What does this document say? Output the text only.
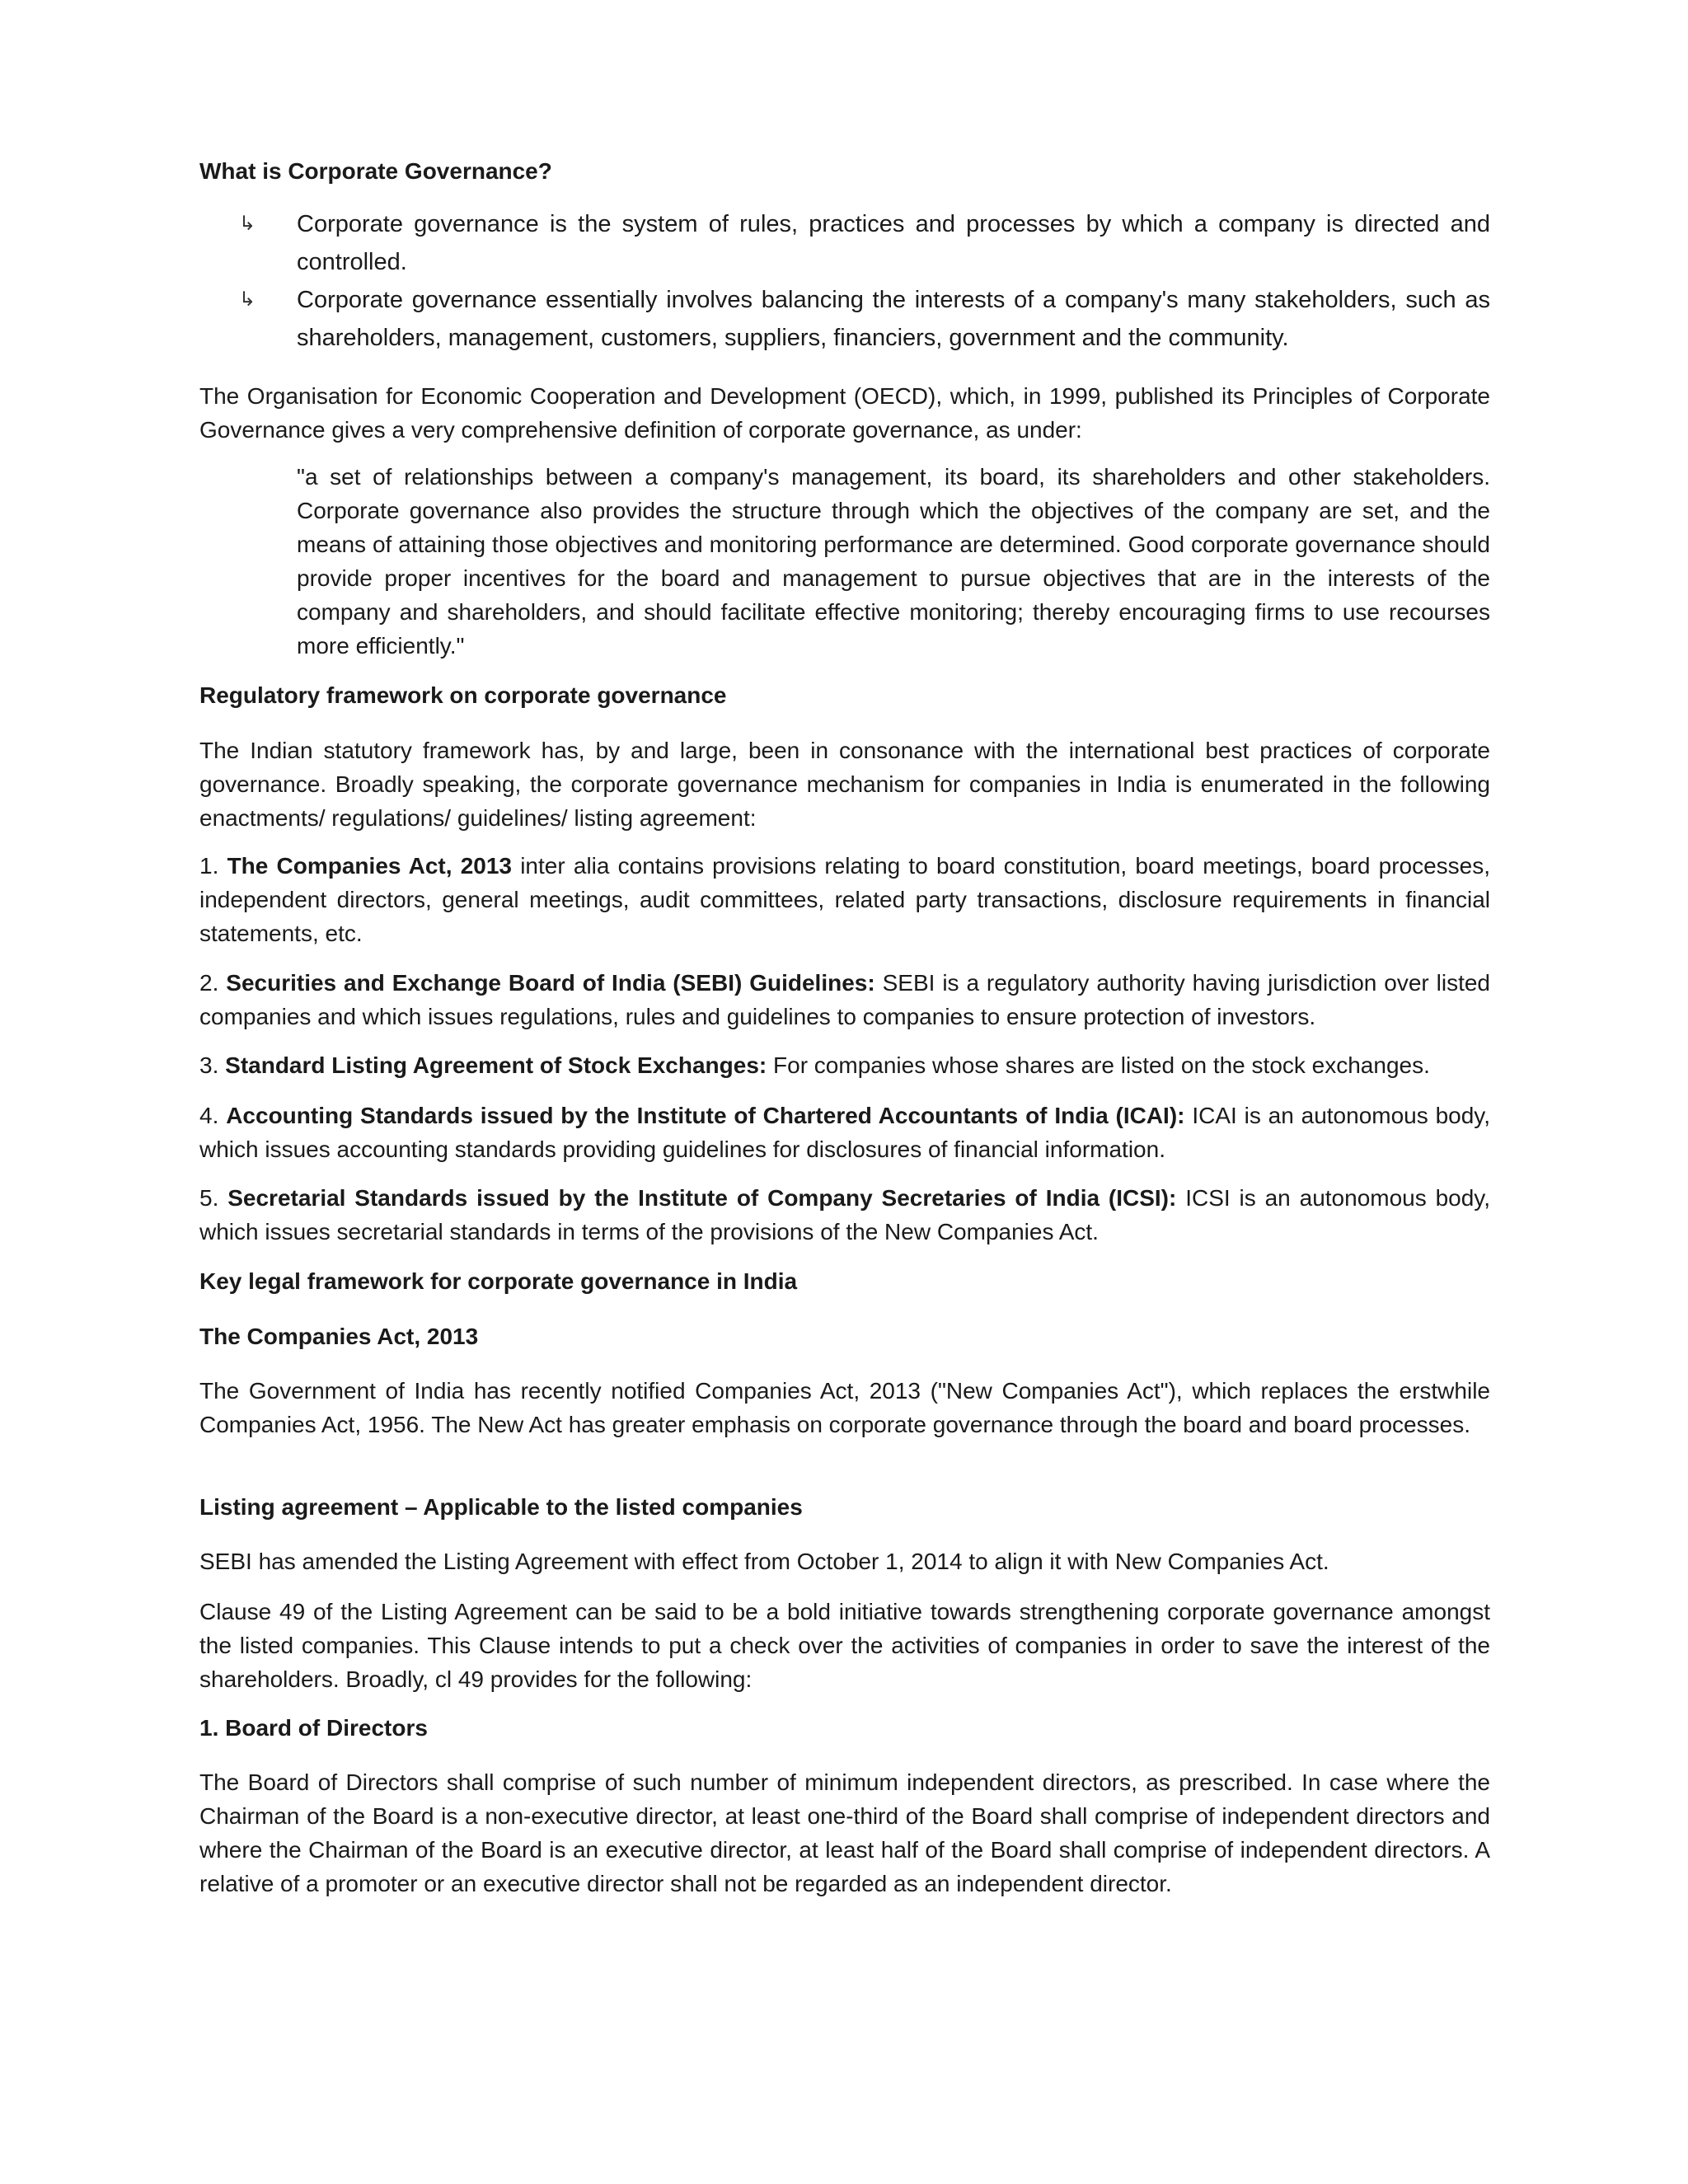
What is Corporate Governance?
↳ Corporate governance is the system of rules, practices and processes by which a company is directed and controlled.

↳ Corporate governance essentially involves balancing the interests of a company's many stakeholders, such as shareholders, management, customers, suppliers, financiers, government and the community.

The Organisation for Economic Cooperation and Development (OECD), which, in 1999, published its Principles of Corporate Governance gives a very comprehensive definition of corporate governance, as under:

"a set of relationships between a company's management, its board, its shareholders and other stakeholders. Corporate governance also provides the structure through which the objectives of the company are set, and the means of attaining those objectives and monitoring performance are determined. Good corporate governance should provide proper incentives for the board and management to pursue objectives that are in the interests of the company and shareholders, and should facilitate effective monitoring; thereby encouraging firms to use recourses more efficiently."

Regulatory framework on corporate governance

The Indian statutory framework has, by and large, been in consonance with the international best practices of corporate governance. Broadly speaking, the corporate governance mechanism for companies in India is enumerated in the following enactments/ regulations/ guidelines/ listing agreement:

1. The Companies Act, 2013 inter alia contains provisions relating to board constitution, board meetings, board processes, independent directors, general meetings, audit committees, related party transactions, disclosure requirements in financial statements, etc.

2. Securities and Exchange Board of India (SEBI) Guidelines: SEBI is a regulatory authority having jurisdiction over listed companies and which issues regulations, rules and guidelines to companies to ensure protection of investors.

3. Standard Listing Agreement of Stock Exchanges: For companies whose shares are listed on the stock exchanges.

4. Accounting Standards issued by the Institute of Chartered Accountants of India (ICAI): ICAI is an autonomous body, which issues accounting standards providing guidelines for disclosures of financial information.

5. Secretarial Standards issued by the Institute of Company Secretaries of India (ICSI): ICSI is an autonomous body, which issues secretarial standards in terms of the provisions of the New Companies Act.

Key legal framework for corporate governance in India
The Companies Act, 2013

The Government of India has recently notified Companies Act, 2013 ("New Companies Act"), which replaces the erstwhile Companies Act, 1956. The New Act has greater emphasis on corporate governance through the board and board processes.

Listing agreement – Applicable to the listed companies

SEBI has amended the Listing Agreement with effect from October 1, 2014 to align it with New Companies Act.

Clause 49 of the Listing Agreement can be said to be a bold initiative towards strengthening corporate governance amongst the listed companies. This Clause intends to put a check over the activities of companies in order to save the interest of the shareholders. Broadly, cl 49 provides for the following:

1. Board of Directors

The Board of Directors shall comprise of such number of minimum independent directors, as prescribed. In case where the Chairman of the Board is a non-executive director, at least one-third of the Board shall comprise of independent directors and where the Chairman of the Board is an executive director, at least half of the Board shall comprise of independent directors. A relative of a promoter or an executive director shall not be regarded as an independent director.
